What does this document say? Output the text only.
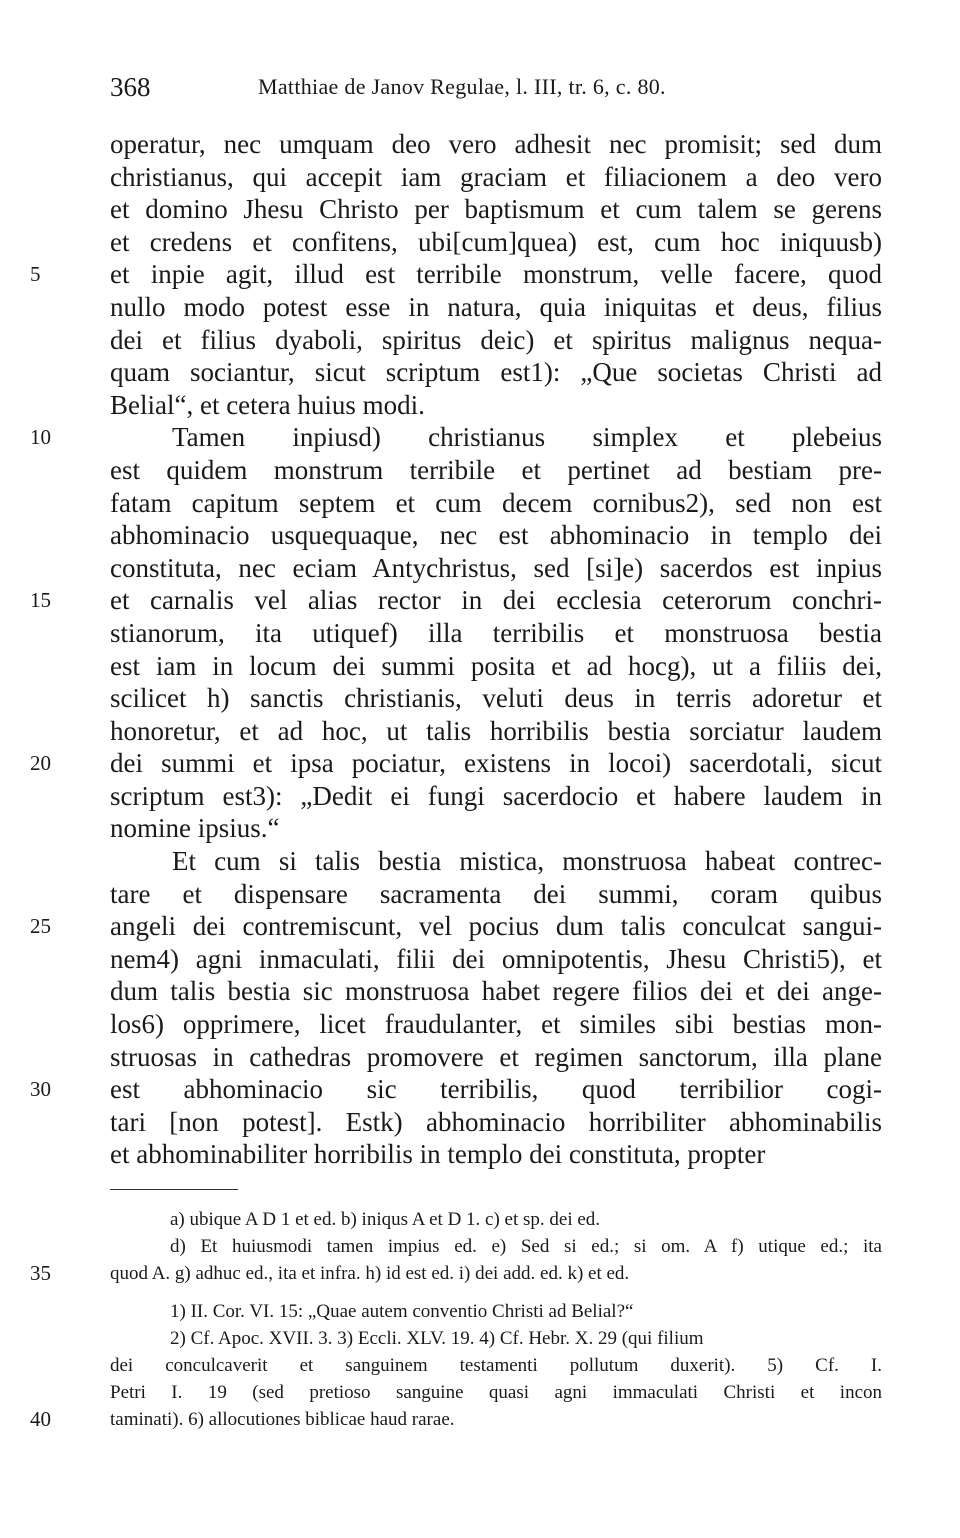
368	Matthiae de Janov Regulae, l. III, tr. 6, c. 80.
operatur, nec umquam deo vero adhesit nec promisit; sed dum
christianus, qui accepit iam graciam et filiacionem a deo vero
et domino Jhesu Christo per baptismum et cum talem se gerens
et credens et confitens, ubi[cum]quea) est, cum hoc iniquusb)
5	et inpie agit, illud est terribile monstrum, velle facere, quod
nullo modo potest esse in natura, quia iniquitas et deus, filius
dei et filius dyaboli, spiritus deic) et spiritus malignus nequa-
quam sociantur, sicut scriptum est1): „Que societas Christi ad
Belial“, et cetera huius modi.
10	Tamen inpiusd) christianus simplex et plebeius
est quidem monstrum terribile et pertinet ad bestiam pre-
fatam capitum septem et cum decem cornibus2), sed non est
abhominacio usquequaque, nec est abhominacio in templo dei
constituta, nec eciam Antychristus, sed [si]e) sacerdos est inpius
15	et carnalis vel alias rector in dei ecclesia ceterorum conchri-
stianorum, ita utiquef) illa terribilis et monstruosa bestia
est iam in locum dei summi posita et ad hocg), ut a filiis dei,
scilicet h) sanctis christianis, veluti deus in terris adoretur et
honoretur, et ad hoc, ut talis horribilis bestia sorciatur laudem
20	dei summi et ipsa pociatur, existens in locoi) sacerdotali, sicut
scriptum est3): „Dedit ei fungi sacerdocio et habere laudem in
nomine ipsius.“
Et cum si talis bestia mistica, monstruosa habeat contrec-
tare et dispensare sacramenta dei summi, coram quibus
25	angeli dei contremiscunt, vel pocius dum talis conculcat sangui-
nem4) agni inmaculati, filii dei omnipotentis, Jhesu Christi5), et
dum talis bestia sic monstruosa habet regere filios dei et dei ange-
los6) opprimere, licet fraudulanter, et similes sibi bestias mon-
struosas in cathedras promovere et regimen sanctorum, illa plane
30	est abhominacio sic terribilis, quod terribilior cogi-
tari [non potest]. Estk) abhominacio horribiliter abhominabilis
et abhominabiliter horribilis in templo dei constituta, propter
a) ubique A D 1 et ed. b) iniqus A et D 1. c) et sp. dei ed.
d) Et huiusmodi tamen impius ed. e) Sed si ed.; si om. A f) utique ed.; ita
35	quod A. g) adhuc ed., ita et infra. h) id est ed. i) dei add. ed. k) et ed.
1) II. Cor. VI. 15: „Quae autem conventio Christi ad Belial?“
2) Cf. Apoc. XVII. 3. 3) Eccli. XLV. 19. 4) Cf. Hebr. X. 29 (qui filium
dei conculcaverit et sanguinem testamenti pollutum duxerit). 5) Cf. I.
Petri I. 19 (sed pretioso sanguine quasi agni immaculati Christi et incon
40	taminati). 6) allocutiones biblicae haud rarae.
